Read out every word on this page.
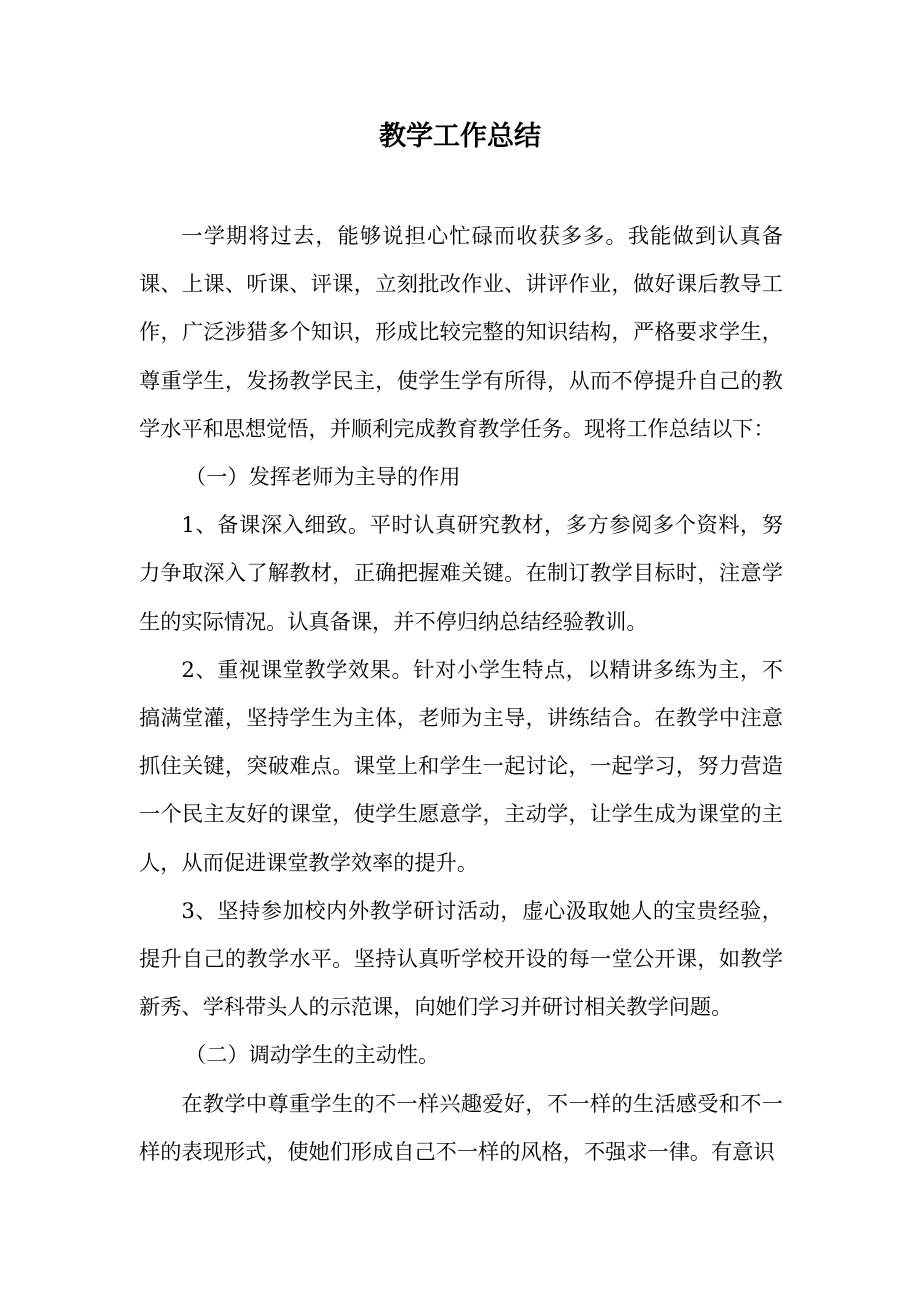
教学工作总结

一学期将过去，能够说担心忙碌而收获多多。我能做到认真备课、上课、听课、评课，立刻批改作业、讲评作业，做好课后教导工作，广泛涉猎多个知识，形成比较完整的知识结构，严格要求学生，尊重学生，发扬教学民主，使学生学有所得，从而不停提升自己的教学水平和思想觉悟，并顺利完成教育教学任务。现将工作总结以下：

（一）发挥老师为主导的作用

1、备课深入细致。平时认真研究教材，多方参阅多个资料，努力争取深入了解教材，正确把握难关键。在制订教学目标时，注意学生的实际情况。认真备课，并不停归纳总结经验教训。

2、重视课堂教学效果。针对小学生特点，以精讲多练为主，不搞满堂灌，坚持学生为主体，老师为主导，讲练结合。在教学中注意抓住关键，突破难点。课堂上和学生一起讨论，一起学习，努力营造一个民主友好的课堂，使学生愿意学，主动学，让学生成为课堂的主人，从而促进课堂教学效率的提升。

3、坚持参加校内外教学研讨活动，虚心汲取她人的宝贵经验，提升自己的教学水平。坚持认真听学校开设的每一堂公开课，如教学新秀、学科带头人的示范课，向她们学习并研讨相关教学问题。

（二）调动学生的主动性。

在教学中尊重学生的不一样兴趣爱好，不一样的生活感受和不一样的表现形式，使她们形成自己不一样的风格，不强求一律。有意识
